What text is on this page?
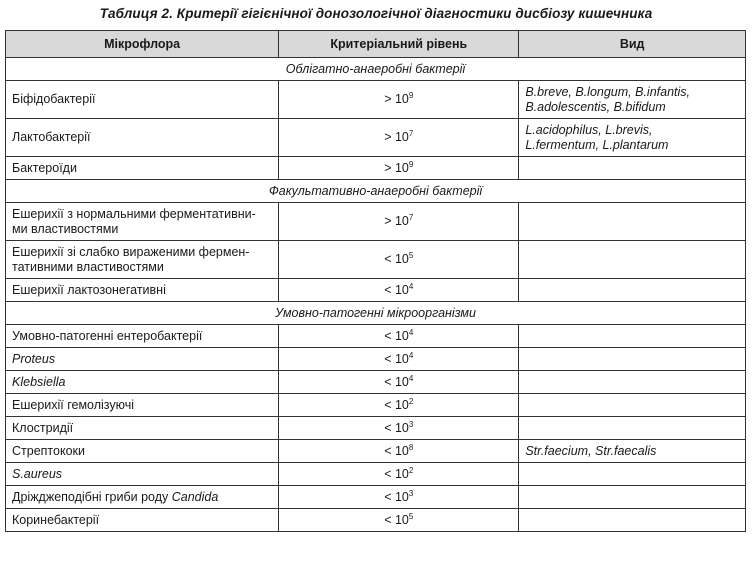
Таблиця 2. Критерії гігієнічної донозологічної діагностики дисбіозу кишечника
Мікрофлора	Критеріальний рівень	Вид
Облігатно-анаеробні бактерії		
Біфідобактерії	> $10^9$	B.breve, B.longum, B.infantis,
B.adolescentis, B.bifidum
Лактобактерії	> $10^7$	L.acidophilus, L.brevis,
L.fermentum, L.plantarum
Бактероїди	> $10^9$	
Факультативно-анаеробні бактерії		
Ешерихії з нормальними ферментативни-
ми властивостями	> $10^7$	
Ешерихії зі слабко вираженими фермен-
тативними властивостями	< $10^5$	
Ешерихії лактозонегативні	< $10^4$	
Умовно-патогенні мікроорганізми		
Умовно-патогенні ентеробактерії	< $10^4$	
Proteus	< $10^4$	
Klebsiella	< $10^4$	
Ешерихії гемолізуючі	< $10^2$	
Клостридії	< $10^3$	
Стрептококи	< $10^8$	Str.faecium, Str.faecalis
S.aureus	< $10^2$	
Дріжджеподібні гриби роду Candida	< $10^3$	
Коринебактерії	< $10^5$	
